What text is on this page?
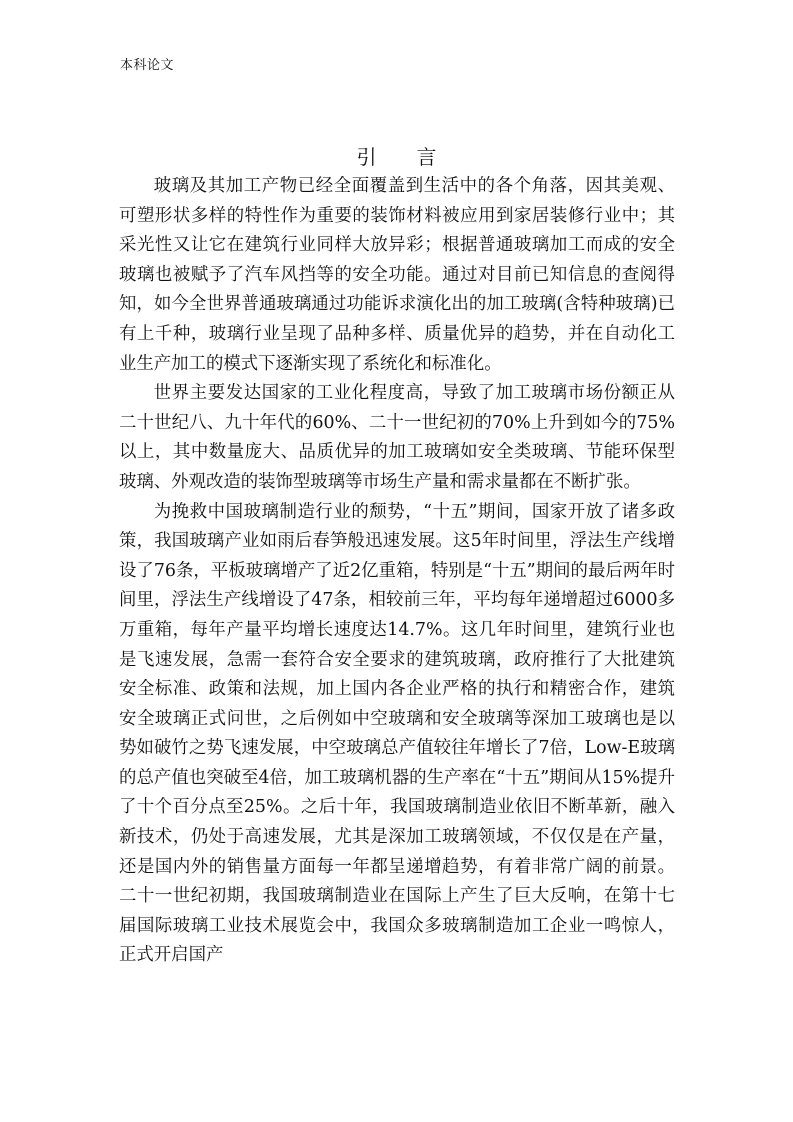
本科论文
引言

玻璃及其加工产物已经全面覆盖到生活中的各个角落，因其美观、可塑形状多样的特性作为重要的装饰材料被应用到家居装修行业中；其采光性又让它在建筑行业同样大放异彩；根据普通玻璃加工而成的安全玻璃也被赋予了汽车风挡等的安全功能。通过对目前已知信息的查阅得知，如今全世界普通玻璃通过功能诉求演化出的加工玻璃(含特种玻璃)已有上千种，玻璃行业呈现了品种多样、质量优异的趋势，并在自动化工业生产加工的模式下逐渐实现了系统化和标准化。

世界主要发达国家的工业化程度高，导致了加工玻璃市场份额正从二十世纪八、九十年代的60%、二十一世纪初的70%上升到如今的75%以上，其中数量庞大、品质优异的加工玻璃如安全类玻璃、节能环保型玻璃、外观改造的装饰型玻璃等市场生产量和需求量都在不断扩张。

为挽救中国玻璃制造行业的颓势，“十五”期间，国家开放了诸多政策，我国玻璃产业如雨后春笋般迅速发展。这5年时间里，浮法生产线增设了76条，平板玻璃增产了近2亿重箱，特别是“十五”期间的最后两年时间里，浮法生产线增设了47条，相较前三年，平均每年递增超过6000多万重箱，每年产量平均增长速度达14.7%。这几年时间里，建筑行业也是飞速发展，急需一套符合安全要求的建筑玻璃，政府推行了大批建筑安全标准、政策和法规，加上国内各企业严格的执行和精密合作，建筑安全玻璃正式问世，之后例如中空玻璃和安全玻璃等深加工玻璃也是以势如破竹之势飞速发展，中空玻璃总产值较往年增长了7倍，Low-E玻璃的总产值也突破至4倍，加工玻璃机器的生产率在“十五”期间从15%提升了十个百分点至25%。之后十年，我国玻璃制造业依旧不断革新，融入新技术，仍处于高速发展，尤其是深加工玻璃领域，不仅仅是在产量，还是国内外的销售量方面每一年都呈递增趋势，有着非常广阔的前景。二十一世纪初期，我国玻璃制造业在国际上产生了巨大反响，在第十七届国际玻璃工业技术展览会中，我国众多玻璃制造加工企业一鸣惊人，正式开启国产
